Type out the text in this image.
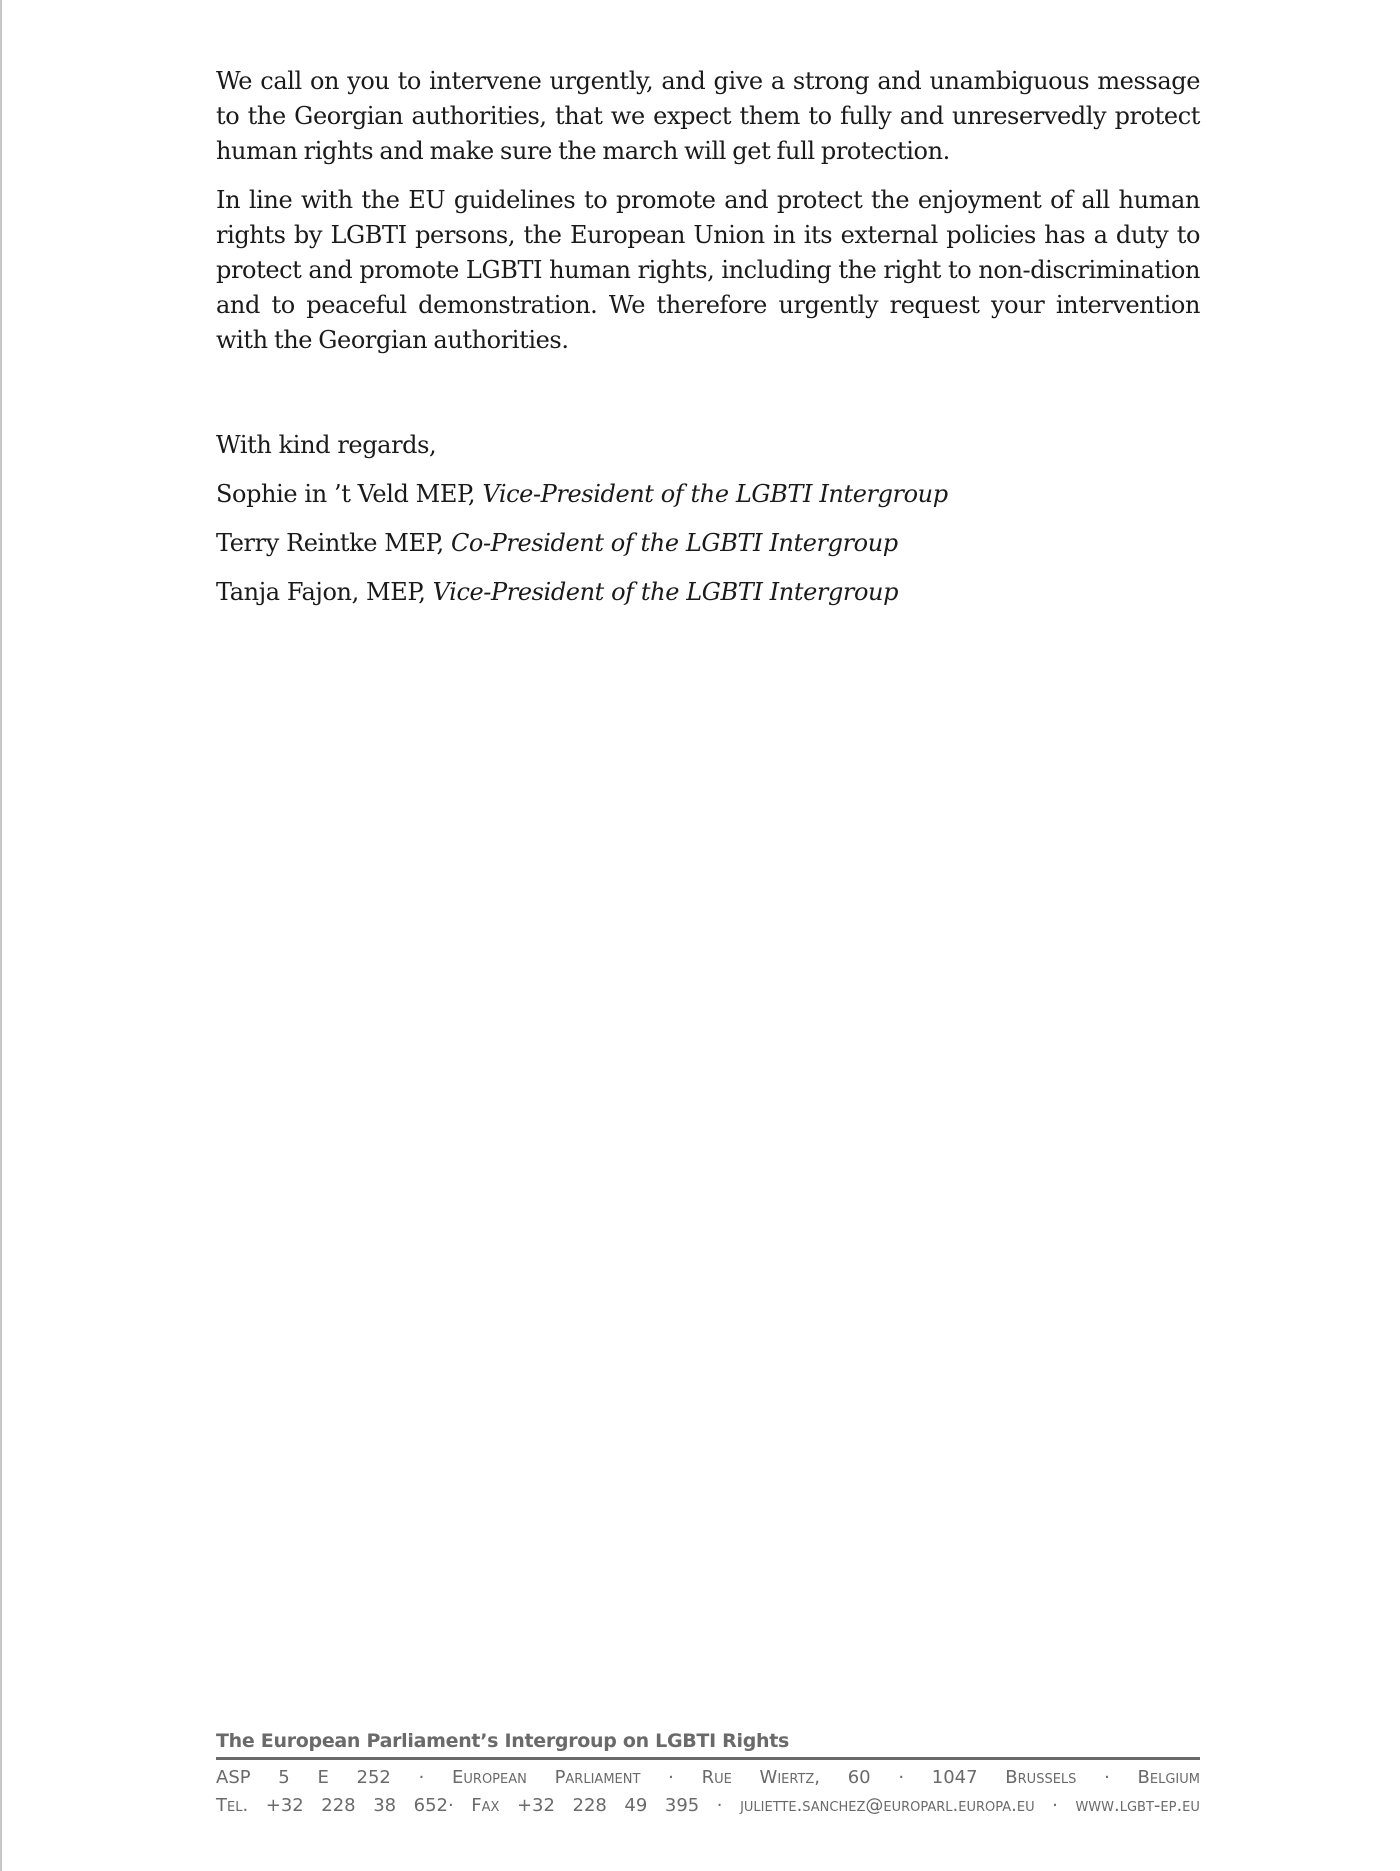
We call on you to intervene urgently, and give a strong and unambiguous message to the Georgian authorities, that we expect them to fully and unreservedly protect human rights and make sure the march will get full protection.

In line with the EU guidelines to promote and protect the enjoyment of all human rights by LGBTI persons, the European Union in its external policies has a duty to protect and promote LGBTI human rights, including the right to non-discrimination and to peaceful demonstration. We therefore urgently request your intervention with the Georgian authorities.

With kind regards,

Sophie in ’t Veld MEP, Vice-President of the LGBTI Intergroup

Terry Reintke MEP, Co-President of the LGBTI Intergroup

Tanja Fajon, MEP, Vice-President of the LGBTI Intergroup

The European Parliament’s Intergroup on LGBTI Rights
ASP 5 E 252 · European Parliament · Rue Wiertz, 60 · 1047 Brussels · Belgium
Tel. +32 228 38 652· Fax +32 228 49 395 · juliette.sanchez@europarl.europa.eu · www.lgbt-ep.eu
